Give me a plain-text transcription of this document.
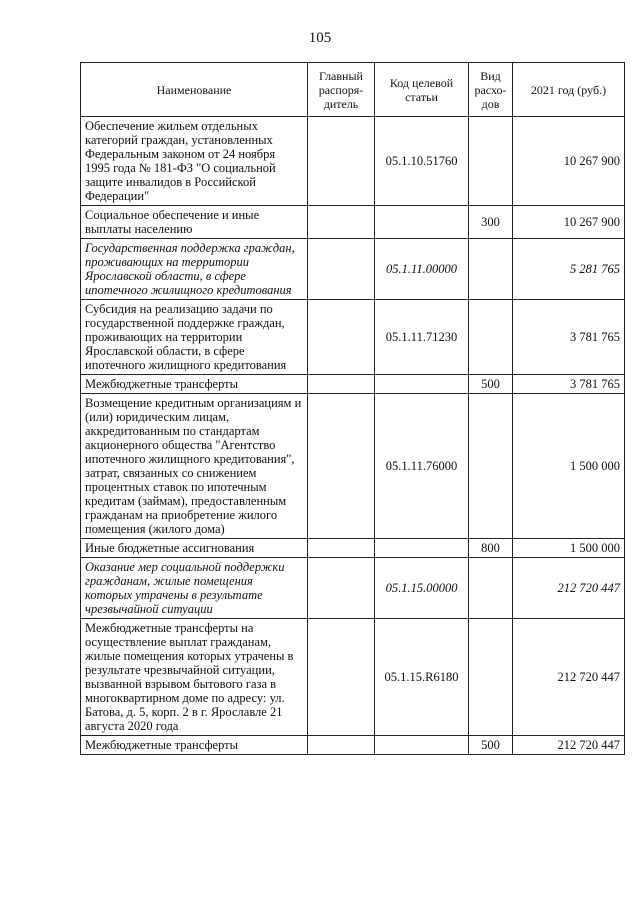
105
Наименование	Главный распоря-дитель	Код целевой статьи	Вид расхо-дов	2021 год (руб.)
Обеспечение жильем отдельных категорий граждан, установленных Федеральным законом от 24 ноября 1995 года № 181-ФЗ "О социальной защите инвалидов в Российской Федерации"		05.1.10.51760		10 267 900
Социальное обеспечение и иные выплаты населению			300	10 267 900
Государственная поддержка граждан, проживающих на территории Ярославской области, в сфере ипотечного жилищного кредитования		05.1.11.00000		5 281 765
Субсидия на реализацию задачи по государственной поддержке граждан, проживающих на территории Ярославской области, в сфере ипотечного жилищного кредитования		05.1.11.71230		3 781 765
Межбюджетные трансферты			500	3 781 765
Возмещение кредитным организациям и (или) юридическим лицам, аккредитованным по стандартам акционерного общества "Агентство ипотечного жилищного кредитования", затрат, связанных со снижением процентных ставок по ипотечным кредитам (займам), предоставленным гражданам на приобретение жилого помещения (жилого дома)		05.1.11.76000		1 500 000
Иные бюджетные ассигнования			800	1 500 000
Оказание мер социальной поддержки гражданам, жилые помещения которых утрачены в результате чрезвычайной ситуации		05.1.15.00000		212 720 447
Межбюджетные трансферты на осуществление выплат гражданам, жилые помещения которых утрачены в результате чрезвычайной ситуации, вызванной взрывом бытового газа в многоквартирном доме по адресу: ул. Батова, д. 5, корп. 2 в г. Ярославле 21 августа 2020 года		05.1.15.R6180		212 720 447
Межбюджетные трансферты			500	212 720 447
